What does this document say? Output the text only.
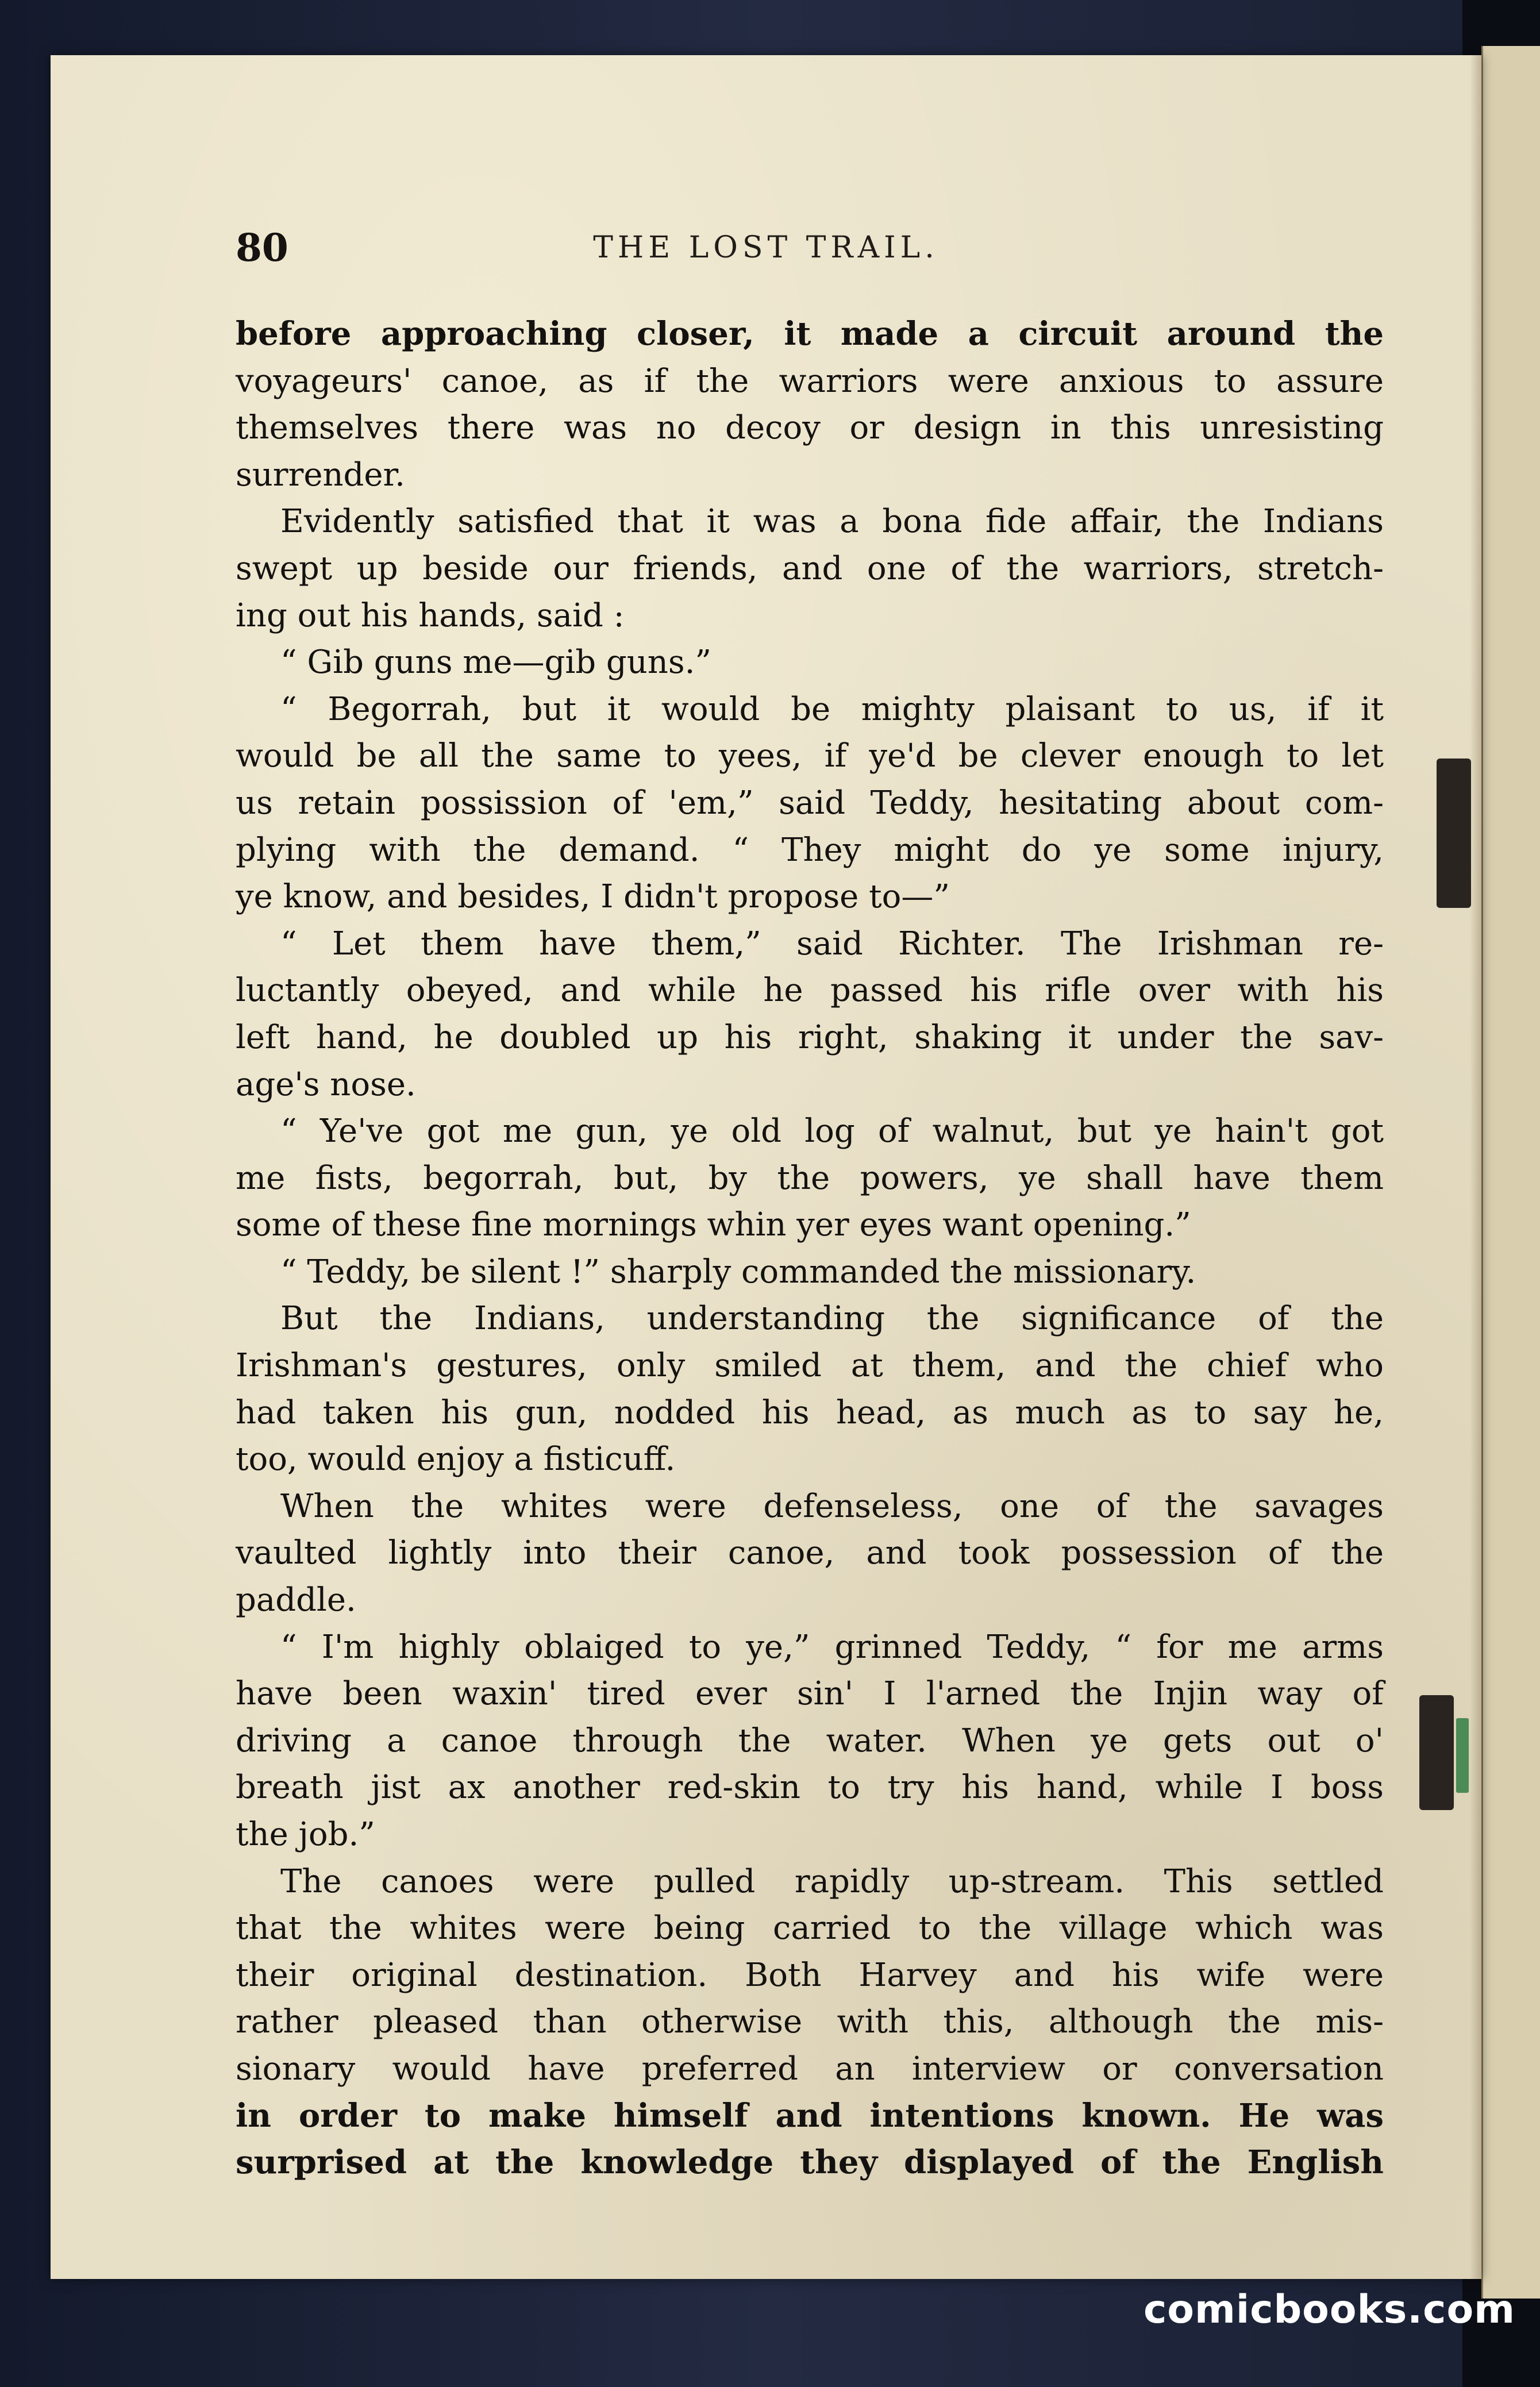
80	THE LOST TRAIL.

before approaching closer, it made a circuit around the

voyageurs' canoe, as if the warriors were anxious to assure

themselves there was no decoy or design in this unresisting

surrender.

Evidently satisfied that it was a bona fide affair, the Indians

swept up beside our friends, and one of the warriors, stretch-

ing out his hands, said :

“ Gib guns me—gib guns.”

“ Begorrah, but it would be mighty plaisant to us, if it

would be all the same to yees, if ye'd be clever enough to let

us retain possission of 'em,” said Teddy, hesitating about com-

plying with the demand. “ They might do ye some injury,

ye know, and besides, I didn't propose to—”

“ Let them have them,” said Richter. The Irishman re-

luctantly obeyed, and while he passed his rifle over with his

left hand, he doubled up his right, shaking it under the sav-

age's nose.

“ Ye've got me gun, ye old log of walnut, but ye hain't got

me fists, begorrah, but, by the powers, ye shall have them

some of these fine mornings whin yer eyes want opening.”

“ Teddy, be silent !” sharply commanded the missionary.

But the Indians, understanding the significance of the

Irishman's gestures, only smiled at them, and the chief who

had taken his gun, nodded his head, as much as to say he,

too, would enjoy a fisticuff.

When the whites were defenseless, one of the savages

vaulted lightly into their canoe, and took possession of the

paddle.

“ I'm highly oblaiged to ye,” grinned Teddy, “ for me arms

have been waxin' tired ever sin' I l'arned the Injin way of

driving a canoe through the water. When ye gets out o'

breath jist ax another red-skin to try his hand, while I boss

the job.”

The canoes were pulled rapidly up-stream. This settled

that the whites were being carried to the village which was

their original destination. Both Harvey and his wife were

rather pleased than otherwise with this, although the mis-

sionary would have preferred an interview or conversation

in order to make himself and intentions known. He was

surprised at the knowledge they displayed of the English

comicbooks.com
